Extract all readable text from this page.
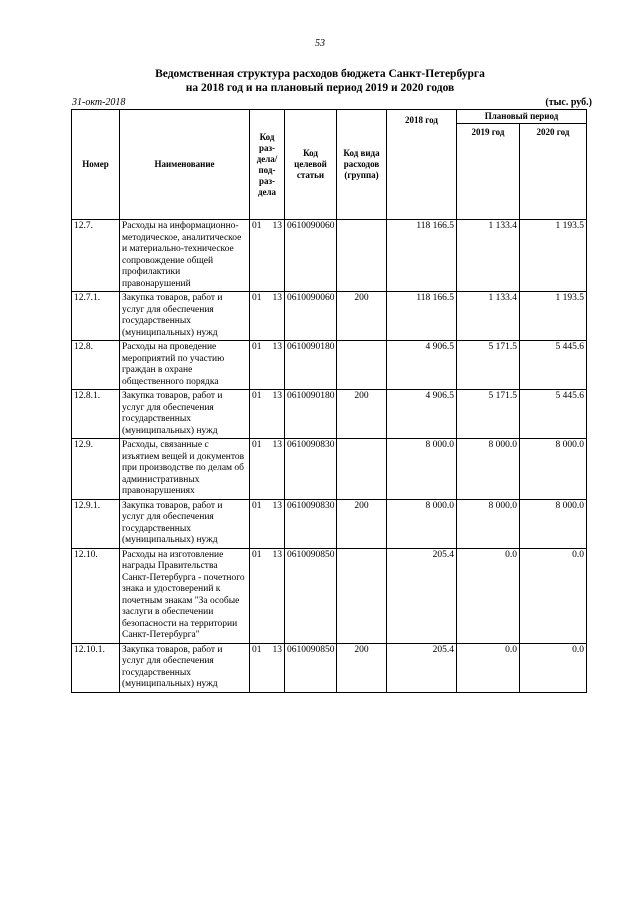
53
Ведомственная структура расходов бюджета Санкт-Петербурга
на 2018 год и на плановый период 2019 и 2020 годов
31-окт-2018	(тыс. руб.)
Номер	Наименование	Код раз-дела/ под-раз-дела	Код целевой статьи	Код вида расходов (группа)	2018 год	Плановый период	
						2019 год	2020 год
12.7.	Расходы на информационно-методическое, аналитическое и материально-техническое сопровождение общей профилактики правонарушений	01 13	0610090060		118 166.5	1 133.4	1 193.5
12.7.1.	Закупка товаров, работ и услуг для обеспечения государственных (муниципальных) нужд	01 13	0610090060	200	118 166.5	1 133.4	1 193.5
12.8.	Расходы на проведение мероприятий по участию граждан в охране общественного порядка	01 13	0610090180		4 906.5	5 171.5	5 445.6
12.8.1.	Закупка товаров, работ и услуг для обеспечения государственных (муниципальных) нужд	01 13	0610090180	200	4 906.5	5 171.5	5 445.6
12.9.	Расходы, связанные с изъятием вещей и документов при производстве по делам об административных правонарушениях	01 13	0610090830		8 000.0	8 000.0	8 000.0
12.9.1.	Закупка товаров, работ и услуг для обеспечения государственных (муниципальных) нужд	01 13	0610090830	200	8 000.0	8 000.0	8 000.0
12.10.	Расходы на изготовление награды Правительства Санкт-Петербурга - почетного знака и удостоверений к почетным знакам "За особые заслуги в обеспечении безопасности на территории Санкт-Петербурга"	01 13	0610090850		205.4	0.0	0.0
12.10.1.	Закупка товаров, работ и услуг для обеспечения государственных (муниципальных) нужд	01 13	0610090850	200	205.4	0.0	0.0
